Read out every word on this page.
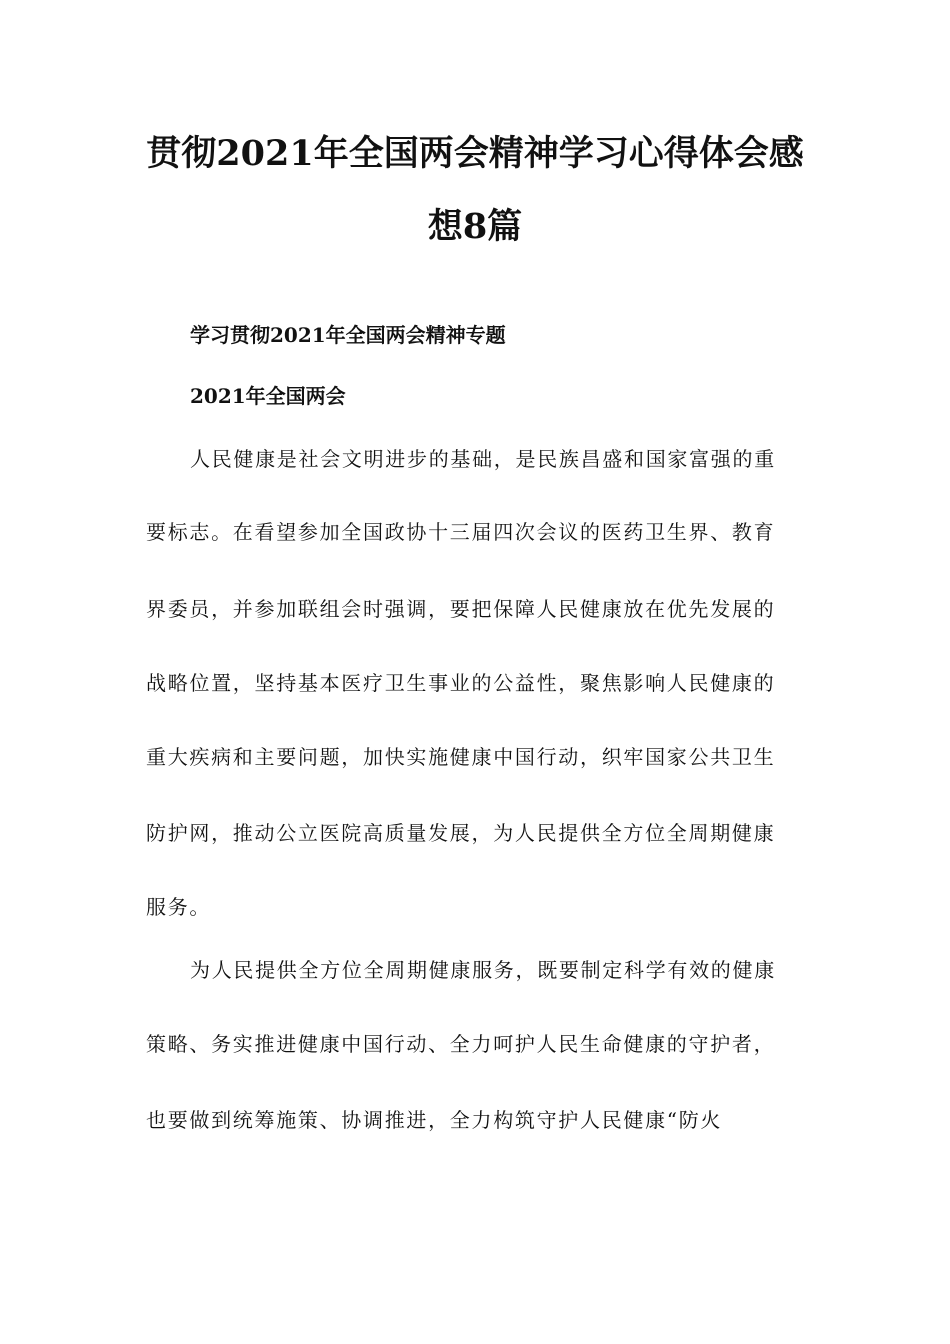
贯彻2021年全国两会精神学习心得体会感
想8篇

学习贯彻2021年全国两会精神专题

2021年全国两会

人民健康是社会文明进步的基础，是民族昌盛和国家富强的重

要标志。在看望参加全国政协十三届四次会议的医药卫生界、教育

界委员，并参加联组会时强调，要把保障人民健康放在优先发展的

战略位置，坚持基本医疗卫生事业的公益性，聚焦影响人民健康的

重大疾病和主要问题，加快实施健康中国行动，织牢国家公共卫生

防护网，推动公立医院高质量发展，为人民提供全方位全周期健康

服务。

为人民提供全方位全周期健康服务，既要制定科学有效的健康

策略、务实推进健康中国行动、全力呵护人民生命健康的守护者，

也要做到统筹施策、协调推进，全力构筑守护人民健康“防火
